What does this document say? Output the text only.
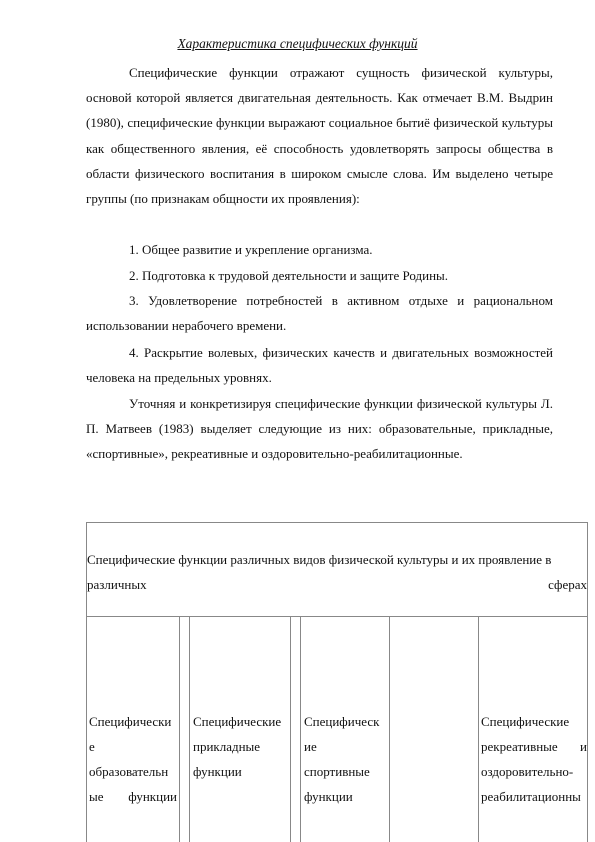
Характеристика специфических функций
Специфические функции отражают сущность физической культуры, основой которой является двигательная деятельность. Как отмечает В.М. Выдрин (1980), специфические функции выражают социальное бытиё физической культуры как общественного явления, её способность удовлетворять запросы общества в области физического воспитания в широком смысле слова. Им выделено четыре группы (по признакам общности их проявления):
1. Общее развитие и укрепление организма.
2. Подготовка к трудовой деятельности и защите Родины.
3. Удовлетворение потребностей в активном отдыхе и рациональном использовании нерабочего времени.
4. Раскрытие волевых, физических качеств и двигательных возможностей человека на предельных уровнях.
Уточняя и конкретизируя специфические функции физической культуры Л. П. Матвеев (1983) выделяет следующие из них: образовательные, прикладные, «спортивные», рекреативные и оздоровительно-реабилитационные.
Специфические функции различных видов физической культуры и их проявление в
различных	сферах
Специфически
е
образовательн
ые функции
Специфические
прикладные
функции
Специфическ
ие
спортивные
функции
Специфические
рекреативные и
оздоровительно-
реабилитационны
